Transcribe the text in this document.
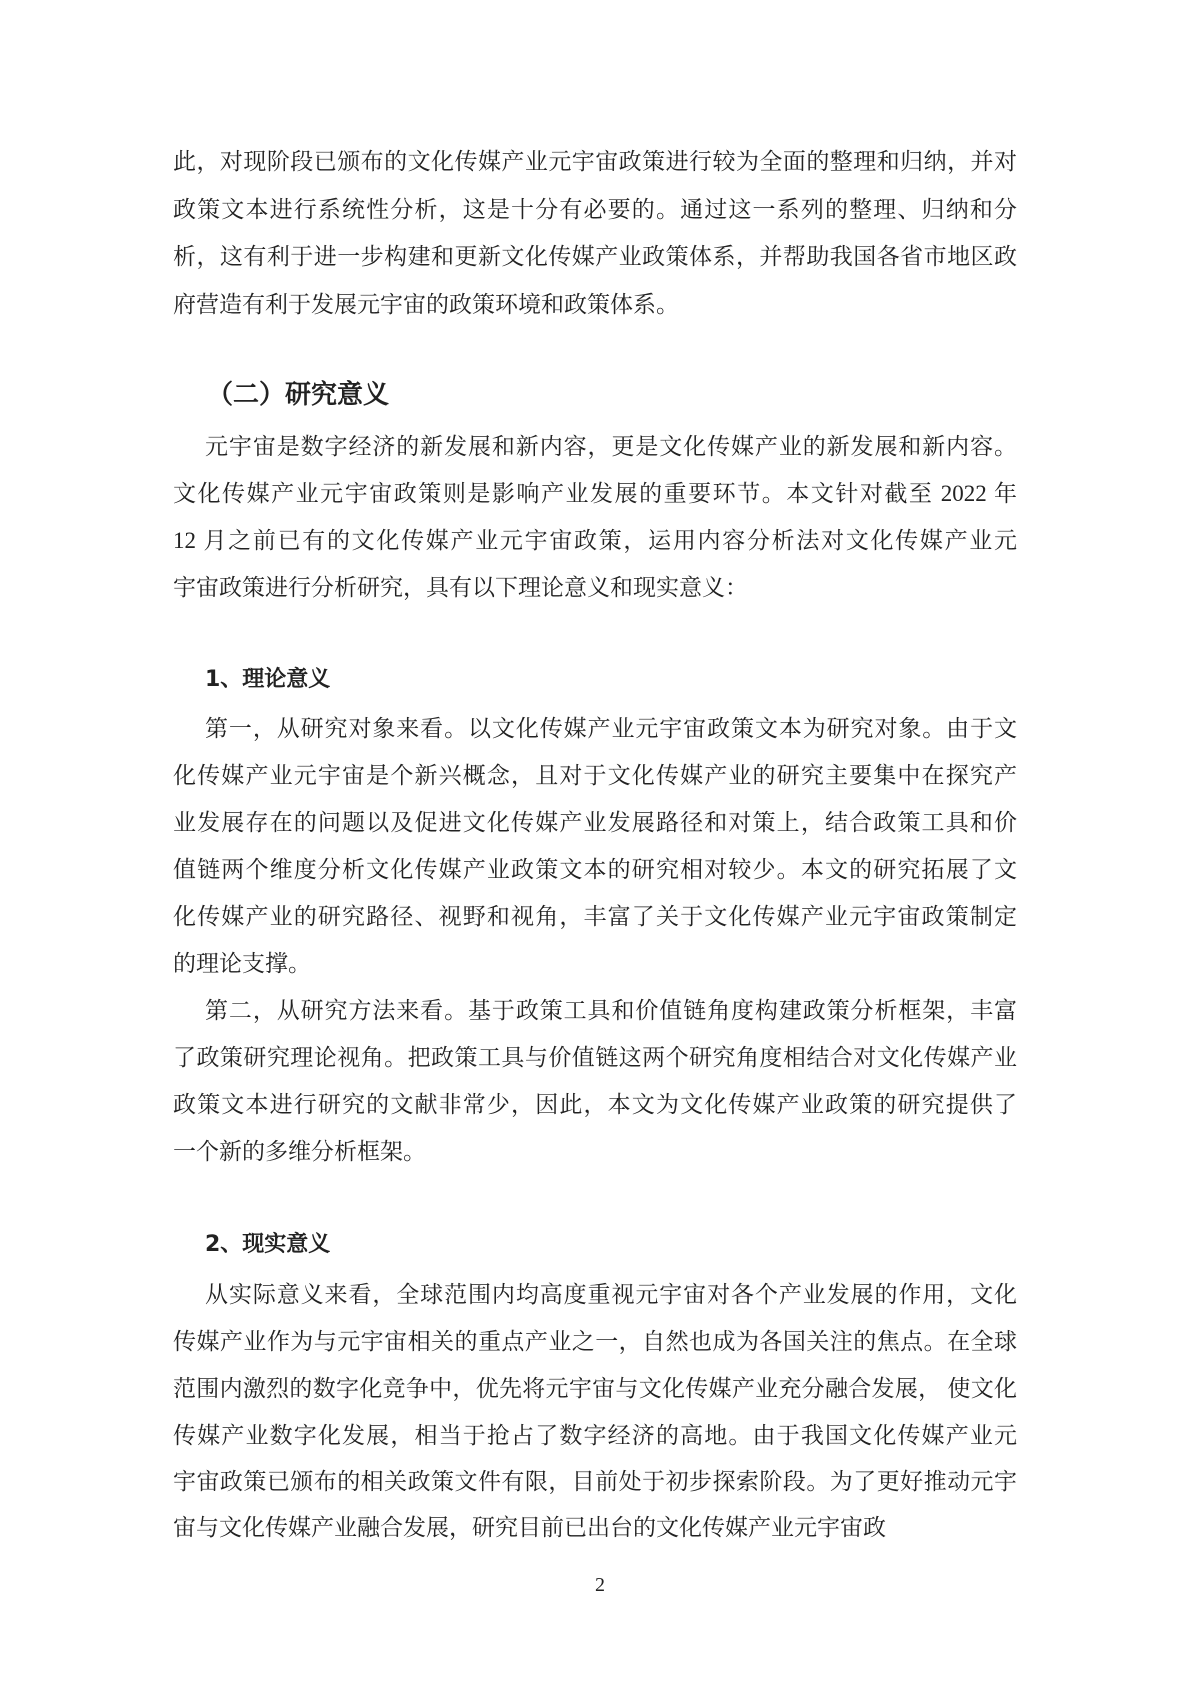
此，对现阶段已颁布的文化传媒产业元宇宙政策进行较为全面的整理和归纳，并对
政策文本进行系统性分析，这是十分有必要的。通过这一系列的整理、归纳和分
析，这有利于进一步构建和更新文化传媒产业政策体系，并帮助我国各省市地区政
府营造有利于发展元宇宙的政策环境和政策体系。
（二）研究意义
元宇宙是数字经济的新发展和新内容，更是文化传媒产业的新发展和新内容。
文化传媒产业元宇宙政策则是影响产业发展的重要环节。本文针对截至 2022 年
12 月之前已有的文化传媒产业元宇宙政策，运用内容分析法对文化传媒产业元
宇宙政策进行分析研究，具有以下理论意义和现实意义：
1、理论意义
第一，从研究对象来看。以文化传媒产业元宇宙政策文本为研究对象。由于文
化传媒产业元宇宙是个新兴概念，且对于文化传媒产业的研究主要集中在探究产
业发展存在的问题以及促进文化传媒产业发展路径和对策上，结合政策工具和价
值链两个维度分析文化传媒产业政策文本的研究相对较少。本文的研究拓展了文
化传媒产业的研究路径、视野和视角，丰富了关于文化传媒产业元宇宙政策制定
的理论支撑。
第二，从研究方法来看。基于政策工具和价值链角度构建政策分析框架，丰富
了政策研究理论视角。把政策工具与价值链这两个研究角度相结合对文化传媒产业
政策文本进行研究的文献非常少，因此，本文为文化传媒产业政策的研究提供了
一个新的多维分析框架。
2、现实意义
从实际意义来看，全球范围内均高度重视元宇宙对各个产业发展的作用，文化
传媒产业作为与元宇宙相关的重点产业之一，自然也成为各国关注的焦点。在全球
范围内激烈的数字化竞争中，优先将元宇宙与文化传媒产业充分融合发展， 使文化
传媒产业数字化发展，相当于抢占了数字经济的高地。由于我国文化传媒产业元
宇宙政策已颁布的相关政策文件有限，目前处于初步探索阶段。为了更好推动元宇
宙与文化传媒产业融合发展，研究目前已出台的文化传媒产业元宇宙政
2
